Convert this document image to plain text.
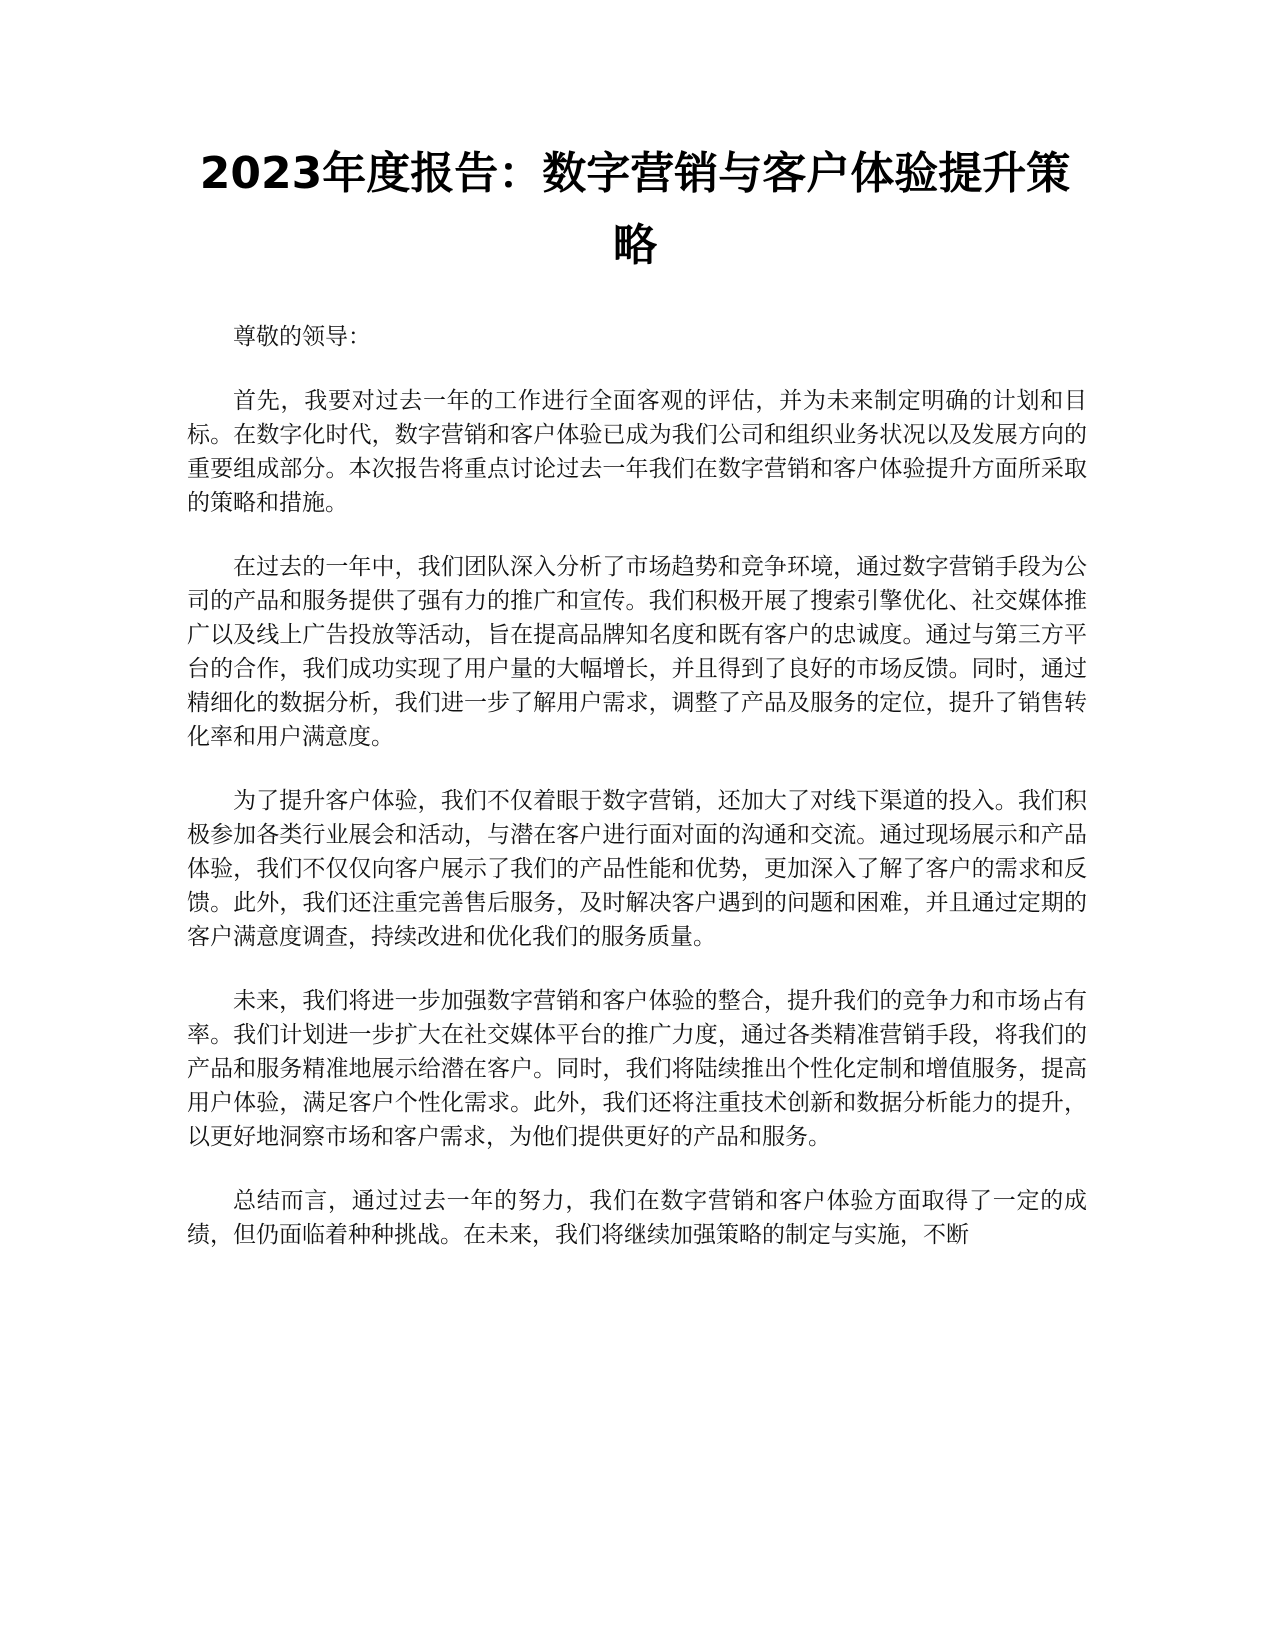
2023年度报告：数字营销与客户体验提升策略

尊敬的领导：

首先，我要对过去一年的工作进行全面客观的评估，并为未来制定明确的计划和目标。在数字化时代，数字营销和客户体验已成为我们公司和组织业务状况以及发展方向的重要组成部分。本次报告将重点讨论过去一年我们在数字营销和客户体验提升方面所采取的策略和措施。

在过去的一年中，我们团队深入分析了市场趋势和竞争环境，通过数字营销手段为公司的产品和服务提供了强有力的推广和宣传。我们积极开展了搜索引擎优化、社交媒体推广以及线上广告投放等活动，旨在提高品牌知名度和既有客户的忠诚度。通过与第三方平台的合作，我们成功实现了用户量的大幅增长，并且得到了良好的市场反馈。同时，通过精细化的数据分析，我们进一步了解用户需求，调整了产品及服务的定位，提升了销售转化率和用户满意度。

为了提升客户体验，我们不仅着眼于数字营销，还加大了对线下渠道的投入。我们积极参加各类行业展会和活动，与潜在客户进行面对面的沟通和交流。通过现场展示和产品体验，我们不仅仅向客户展示了我们的产品性能和优势，更加深入了解了客户的需求和反馈。此外，我们还注重完善售后服务，及时解决客户遇到的问题和困难，并且通过定期的客户满意度调查，持续改进和优化我们的服务质量。

未来，我们将进一步加强数字营销和客户体验的整合，提升我们的竞争力和市场占有率。我们计划进一步扩大在社交媒体平台的推广力度，通过各类精准营销手段，将我们的产品和服务精准地展示给潜在客户。同时，我们将陆续推出个性化定制和增值服务，提高用户体验，满足客户个性化需求。此外，我们还将注重技术创新和数据分析能力的提升，以更好地洞察市场和客户需求，为他们提供更好的产品和服务。

总结而言，通过过去一年的努力，我们在数字营销和客户体验方面取得了一定的成绩，但仍面临着种种挑战。在未来，我们将继续加强策略的制定与实施，不断
